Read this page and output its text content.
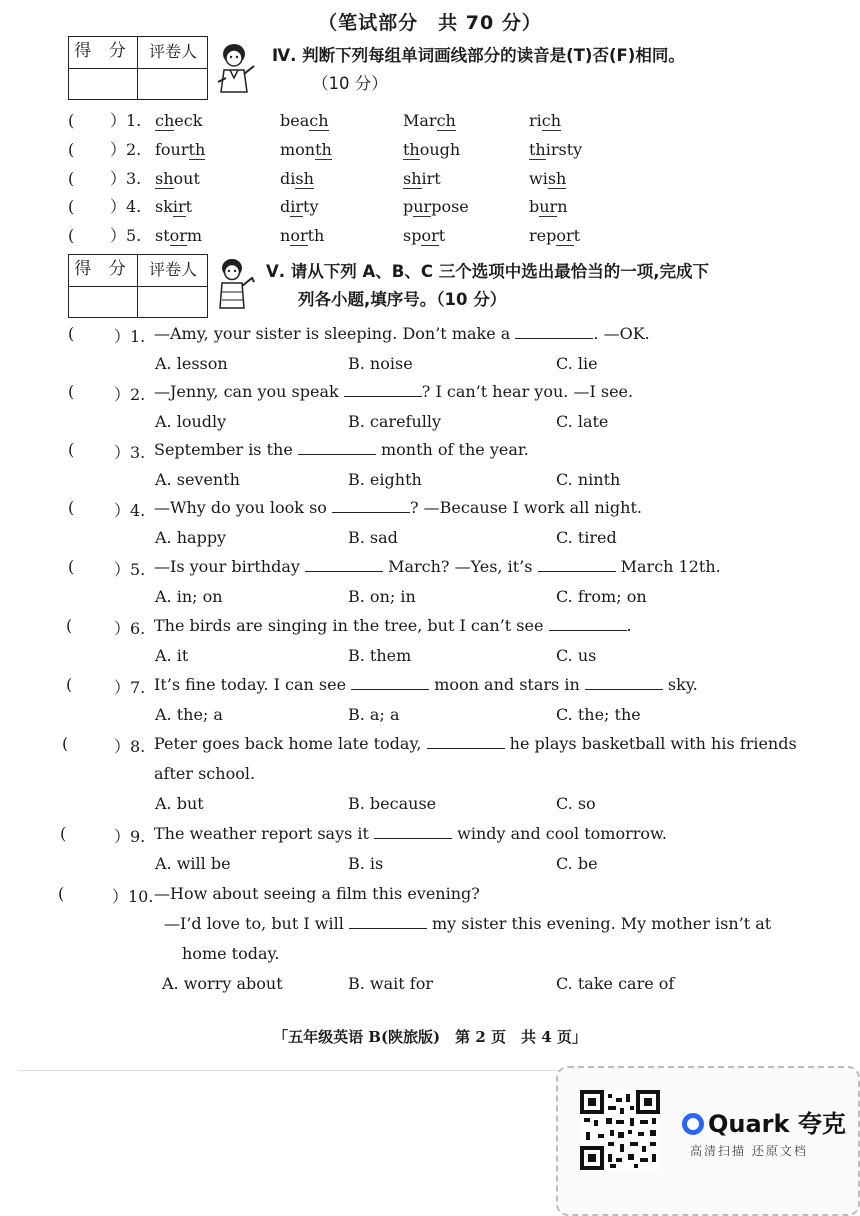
（笔试部分　共 70 分）
得 分	评卷人	Ⅳ. 判断下列每组单词画线部分的读音是(T)否(F)相同。
（10 分）
( ）1. check	beach	March	rich
( ）2. fourth	month	though	thirsty
( ）3. shout	dish	shirt	wish
( ）4. skirt	dirty	purpose	burn
( ）5. storm	north	sport	report
得 分	评卷人	Ⅴ. 请从下列 A、B、C 三个选项中选出最恰当的一项,完成下
列各小题,填序号。（10 分）
( ）1. —Amy, your sister is sleeping. Don’t make a	. —OK.
A. lesson	B. noise	C. lie
( ）2. —Jenny, can you speak	? I can’t hear you. —I see.
A. loudly	B. carefully	C. late
( ）3. September is the	month of the year.
A. seventh	B. eighth	C. ninth
( ）4. —Why do you look so	? —Because I work all night.
A. happy	B. sad	C. tired
( ）5. —Is your birthday	March? —Yes, it’s	March 12th.
A. in; on	B. on; in	C. from; on
(	）6. The birds are singing in the tree, but I can’t see	.
A. it	B. them	C. us
(	）7. It’s fine today. I can see	moon and stars in	sky.
A. the; a	B. a; a	C. the; the
(	）8. Peter goes back home late today,	he plays basketball with his friends
after school.
A. but	B. because	C. so
(	）9. The weather report says it	windy and cool tomorrow.
A. will be	B. is	C. be
(	）10. —How about seeing a film this evening?
—I’d love to, but I will	my sister this evening. My mother isn’t at
home today.
A. worry about	B. wait for	C. take care of
「五年级英语 B(陕旅版)　第 2 页　共 4 页」
Quark 夸克
高清扫描 还原文档
